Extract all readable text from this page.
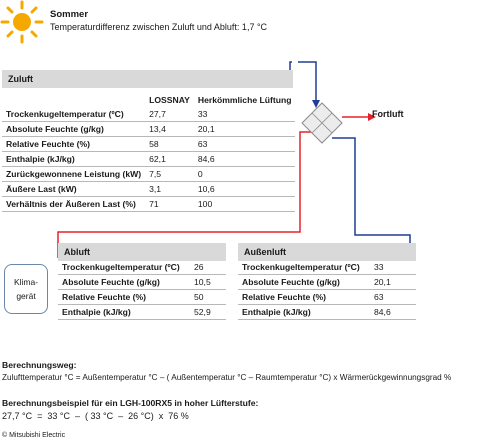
Sommer
Temperaturdifferenz zwischen Zuluft und Abluft: 1,7 °C
Zuluft
	LOSSNAY	Herkömmliche Lüftung
Trockenkugeltemperatur (ºC)	27,7	33
Absolute Feuchte (g/kg)	13,4	20,1
Relative Feuchte (%)	58	63
Enthalpie (kJ/kg)	62,1	84,6
Zurückgewonnene Leistung (kW)	7,5	0
Äußere Last (kW)	3,1	10,6
Verhältnis der Äußeren Last (%)	71	100
Fortluft
Klima-
gerät
Abluft
Trockenkugeltemperatur (ºC)	26
Absolute Feuchte (g/kg)	10,5
Relative Feuchte (%)	50
Enthalpie (kJ/kg)	52,9
Außenluft
Trockenkugeltemperatur (ºC)	33
Absolute Feuchte (g/kg)	20,1
Relative Feuchte (%)	63
Enthalpie (kJ/kg)	84,6
Berechnungsweg:
Zulufttemperatur °C = Außentemperatur °C – ( Außentemperatur °C – Raumtemperatur °C) x Wärmerückgewinnungsgrad %
Berechnungsbeispiel für ein LGH-100RX5 in hoher Lüfterstufe:
27,7 °C  =  33 °C  –  ( 33 °C  –  26 °C)  x  76 %
© Mitsubishi Electric
